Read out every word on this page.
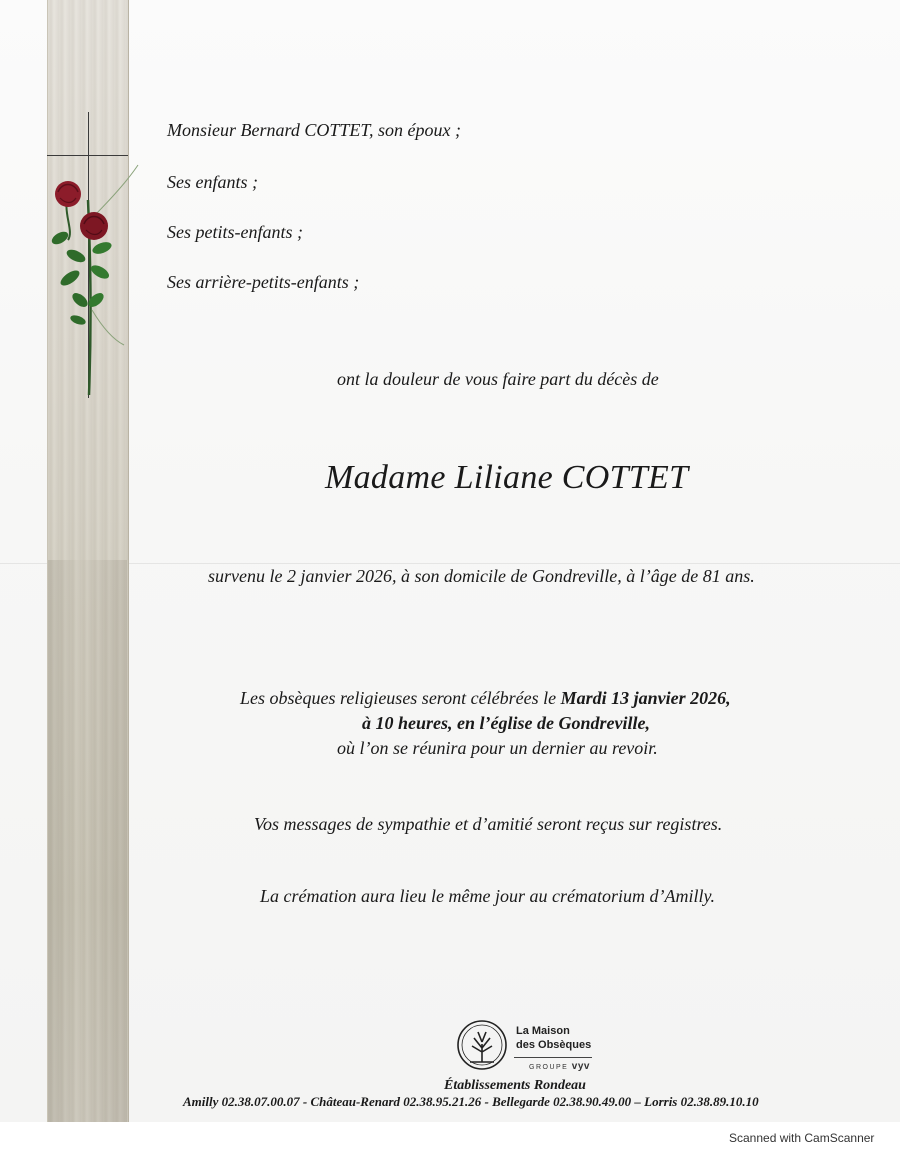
Monsieur Bernard COTTET, son époux ;
Ses enfants ;
Ses petits-enfants ;
Ses arrière-petits-enfants ;
ont la douleur de vous faire part du décès de
Madame Liliane COTTET
survenu le 2 janvier 2026, à son domicile de Gondreville, à l’âge de 81 ans.
Les obsèques religieuses seront célébrées le Mardi 13 janvier 2026,
à 10 heures, en l’église de Gondreville,
où l’on se réunira pour un dernier au revoir.
Vos messages de sympathie et d’amitié seront reçus sur registres.
La crémation aura lieu le même jour au crématorium d’Amilly.
La Maison
des Obsèques
GROUPE vyv
Établissements Rondeau
Amilly 02.38.07.00.07 - Château-Renard 02.38.95.21.26 - Bellegarde 02.38.90.49.00 – Lorris 02.38.89.10.10
Scanned with CamScanner
